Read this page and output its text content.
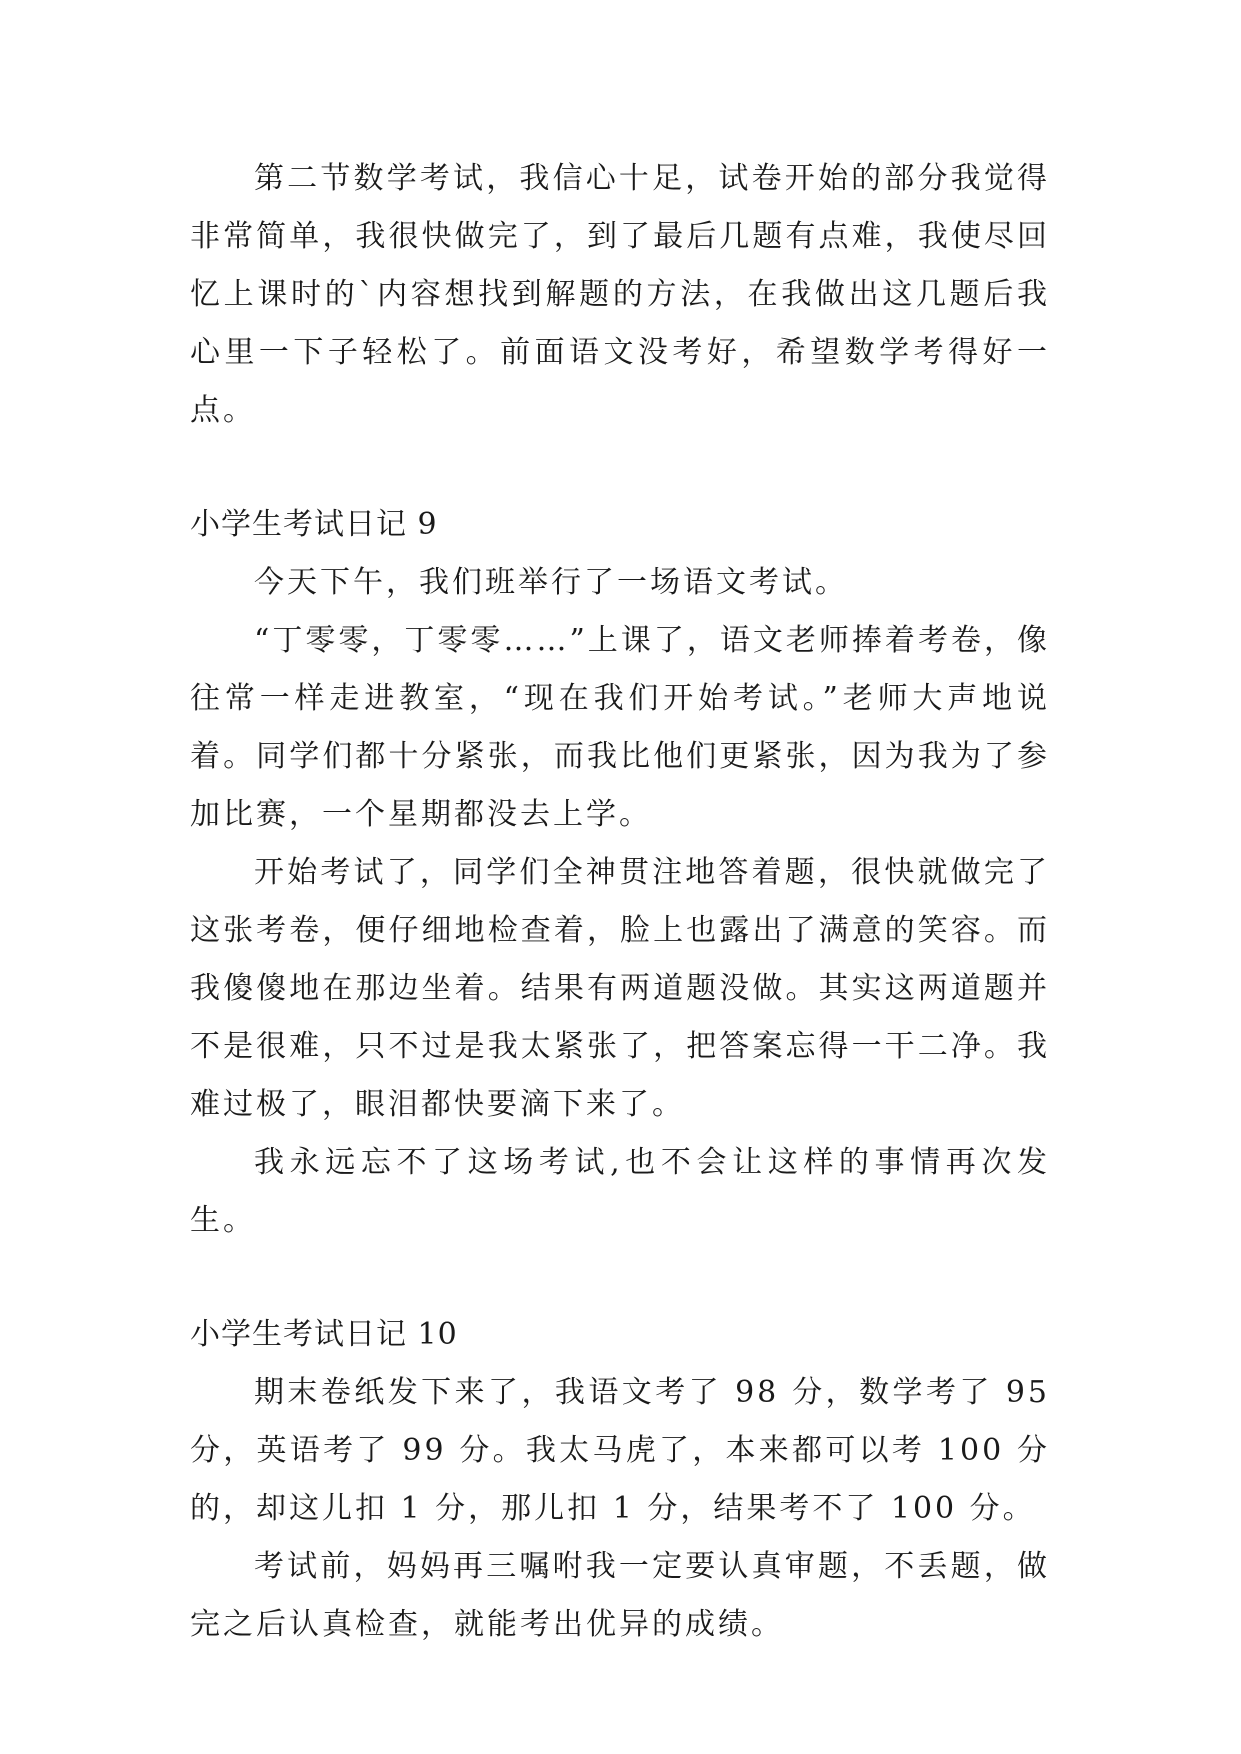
第二节数学考试，我信心十足，试卷开始的部分我觉得非常简单，我很快做完了，到了最后几题有点难，我使尽回忆上课时的`内容想找到解题的方法，在我做出这几题后我心里一下子轻松了。前面语文没考好，希望数学考得好一点。

小学生考试日记 9

今天下午，我们班举行了一场语文考试。

“丁零零，丁零零……”上课了，语文老师捧着考卷，像往常一样走进教室，“现在我们开始考试。”老师大声地说着。同学们都十分紧张，而我比他们更紧张，因为我为了参加比赛，一个星期都没去上学。

开始考试了，同学们全神贯注地答着题，很快就做完了这张考卷，便仔细地检查着，脸上也露出了满意的笑容。而我傻傻地在那边坐着。结果有两道题没做。其实这两道题并不是很难，只不过是我太紧张了，把答案忘得一干二净。我难过极了，眼泪都快要滴下来了。

我永远忘不了这场考试,也不会让这样的事情再次发生。

小学生考试日记 10

期末卷纸发下来了，我语文考了 98 分，数学考了 95 分，英语考了 99 分。我太马虎了，本来都可以考 100 分的，却这儿扣 1 分，那儿扣 1 分，结果考不了 100 分。

考试前，妈妈再三嘱咐我一定要认真审题，不丢题，做完之后认真检查，就能考出优异的成绩。
